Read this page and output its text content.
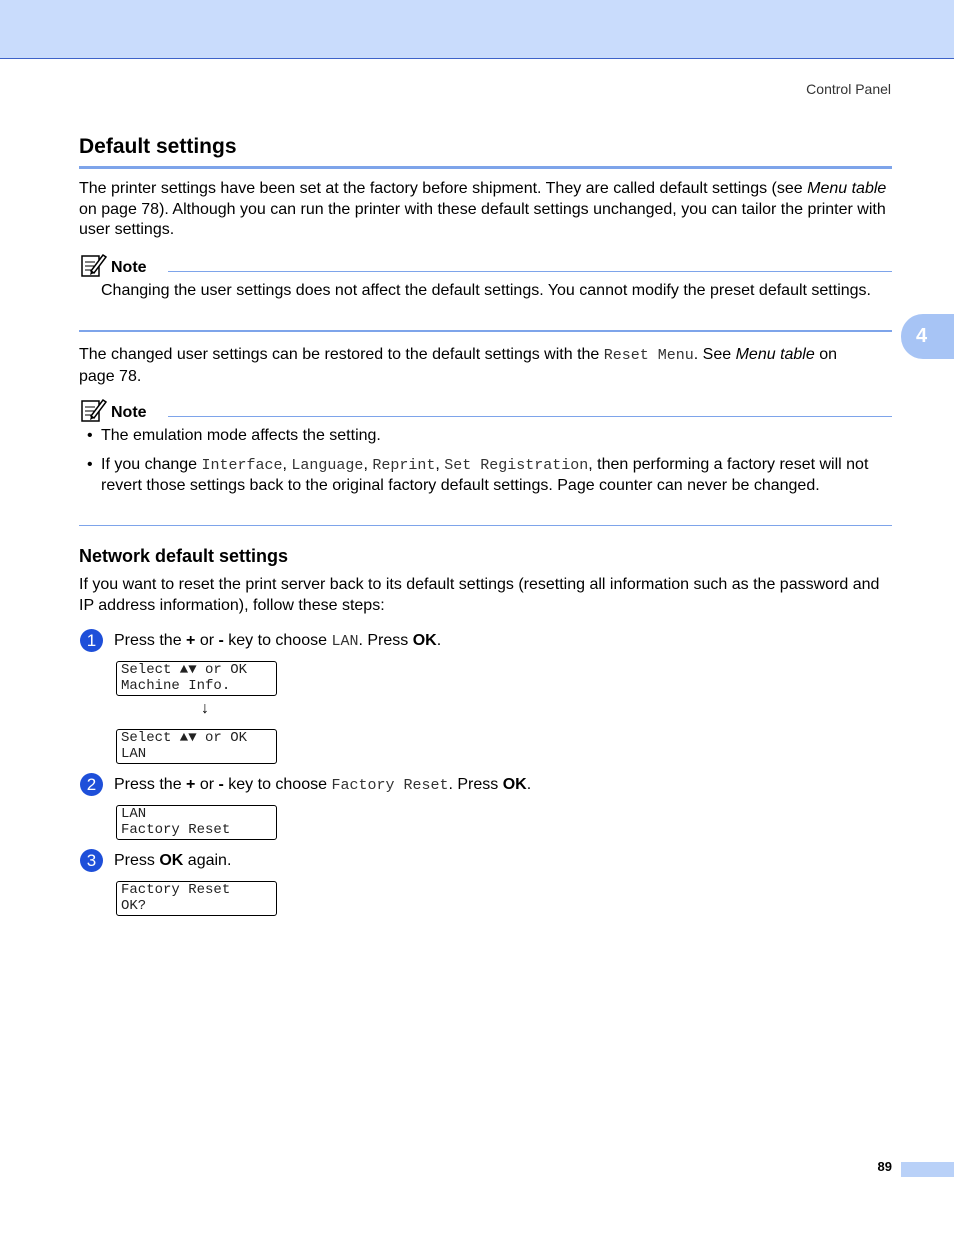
Control Panel
4
Default settings
The printer settings have been set at the factory before shipment. They are called default settings (see Menu table on page 78). Although you can run the printer with these default settings unchanged, you can tailor the printer with user settings.
Note
Changing the user settings does not affect the default settings. You cannot modify the preset default settings.
The changed user settings can be restored to the default settings with the Reset Menu. See Menu table on page 78.
Note
• The emulation mode affects the setting.
• If you change Interface, Language, Reprint, Set Registration, then performing a factory reset will not revert those settings back to the original factory default settings. Page counter can never be changed.
Network default settings
If you want to reset the print server back to its default settings (resetting all information such as the password and IP address information), follow these steps:
1 Press the + or - key to choose LAN. Press OK.
Select ▲▼ or OK
Machine Info.
↓
Select ▲▼ or OK
LAN
2 Press the + or - key to choose Factory Reset. Press OK.
LAN
Factory Reset
3 Press OK again.
Factory Reset
OK?
89
